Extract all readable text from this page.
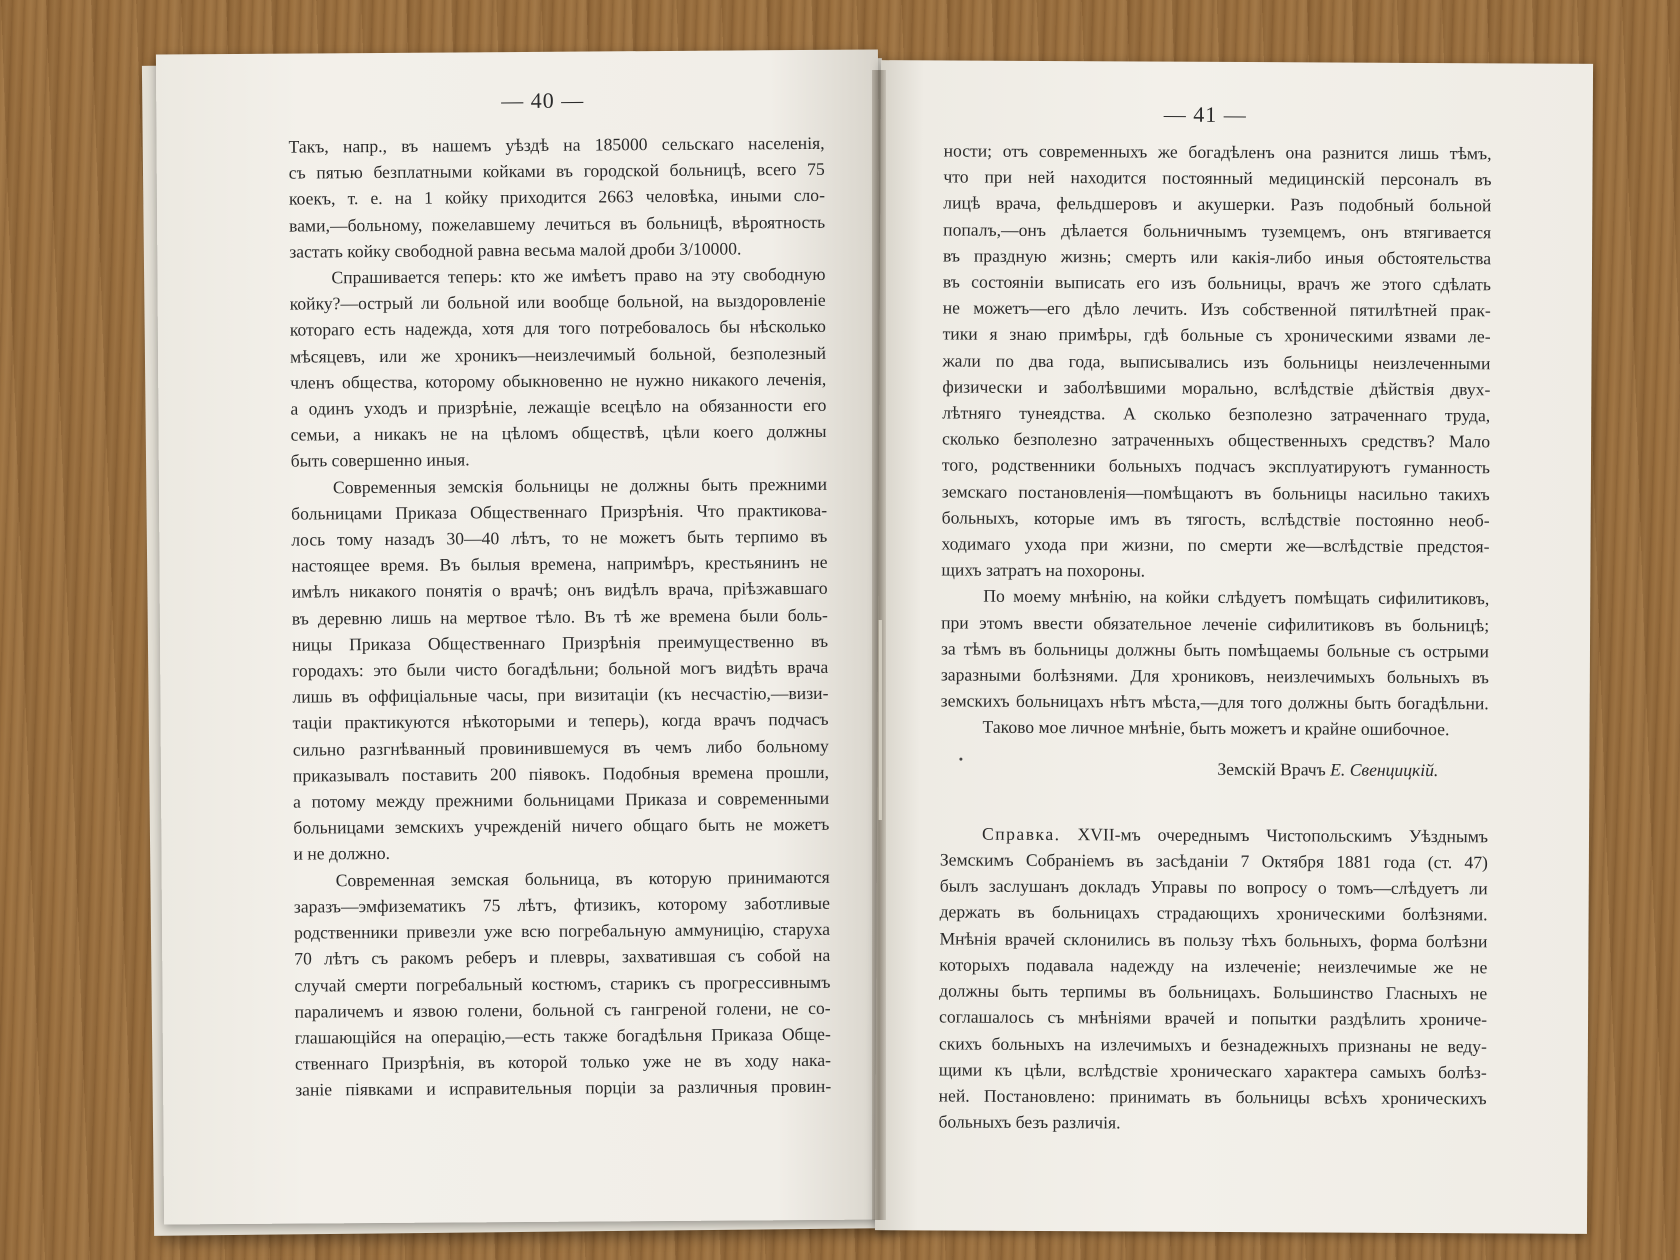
— 40 —
Такъ, напр., въ нашемъ уѣздѣ на 185000 сельскаго населенія,
съ пятью безплатными койками въ городской больницѣ, всего 75
коекъ, т. е. на 1 койку приходится 2663 человѣка, иными сло-
вами,—больному, пожелавшему лечиться въ больницѣ, вѣроятность
застать койку свободной равна весьма малой дроби 3/10000.
Спрашивается теперь: кто же имѣетъ право на эту свободную
койку?—острый ли больной или вообще больной, на выздоровленіе
котораго есть надежда, хотя для того потребовалось бы нѣсколько
мѣсяцевъ, или же хроникъ—неизлечимый больной, безполезный
членъ общества, которому обыкновенно не нужно никакого леченія,
а одинъ уходъ и призрѣніе, лежащіе всецѣло на обязанности его
семьи, а никакъ не на цѣломъ обществѣ, цѣли коего должны
быть совершенно иныя.
Современныя земскія больницы не должны быть прежними
больницами Приказа Общественнаго Призрѣнія. Что практикова-
лось тому назадъ 30—40 лѣтъ, то не можетъ быть терпимо въ
настоящее время. Въ былыя времена, напримѣръ, крестьянинъ не
имѣлъ никакого понятія о врачѣ; онъ видѣлъ врача, пріѣзжавшаго
въ деревню лишь на мертвое тѣло. Въ тѣ же времена были боль-
ницы Приказа Общественнаго Призрѣнія преимущественно въ
городахъ: это были чисто богадѣльни; больной могъ видѣть врача
лишь въ оффиціальные часы, при визитаціи (къ несчастію,—визи-
таціи практикуются нѣкоторыми и теперь), когда врачъ подчасъ
сильно разгнѣванный провинившемуся въ чемъ либо больному
приказывалъ поставить 200 піявокъ. Подобныя времена прошли,
а потому между прежними больницами Приказа и современными
больницами земскихъ учрежденій ничего общаго быть не можетъ
и не должно.
Современная земская больница, въ которую принимаются
заразъ—эмфизематикъ 75 лѣтъ, фтизикъ, которому заботливые
родственники привезли уже всю погребальную аммуницію, старуха
70 лѣтъ съ ракомъ реберъ и плевры, захватившая съ собой на
случай смерти погребальный костюмъ, старикъ съ прогрессивнымъ
параличемъ и язвою голени, больной съ гангреной голени, не со-
глашающійся на операцію,—есть также богадѣльня Приказа Обще-
ственнаго Призрѣнія, въ которой только уже не въ ходу нака-
заніе піявками и исправительныя порціи за различныя провин-
— 41 —
ности; отъ современныхъ же богадѣленъ она разнится лишь тѣмъ,
что при ней находится постоянный медицинскій персоналъ въ
лицѣ врача, фельдшеровъ и акушерки. Разъ подобный больной
попалъ,—онъ дѣлается больничнымъ туземцемъ, онъ втягивается
въ праздную жизнь; смерть или какія-либо иныя обстоятельства
въ состояніи выписать его изъ больницы, врачъ же этого сдѣлать
не можетъ—его дѣло лечить. Изъ собственной пятилѣтней прак-
тики я знаю примѣры, гдѣ больные съ хроническими язвами ле-
жали по два года, выписывались изъ больницы неизлеченными
физически и заболѣвшими морально, вслѣдствіе дѣйствія двух-
лѣтняго тунеядства. А сколько безполезно затраченнаго труда,
сколько безполезно затраченныхъ общественныхъ средствъ? Мало
того, родственники больныхъ подчасъ эксплуатируютъ гуманность
земскаго постановленія—помѣщаютъ въ больницы насильно такихъ
больныхъ, которые имъ въ тягость, вслѣдствіе постоянно необ-
ходимаго ухода при жизни, по смерти же—вслѣдствіе предстоя-
щихъ затратъ на похороны.
По моему мнѣнію, на койки слѣдуетъ помѣщать сифилитиковъ,
при этомъ ввести обязательное леченіе сифилитиковъ въ больницѣ;
за тѣмъ въ больницы должны быть помѣщаемы больные съ острыми
заразными болѣзнями. Для хрониковъ, неизлечимыхъ больныхъ въ
земскихъ больницахъ нѣтъ мѣста,—для того должны быть богадѣльни.
Таково мое личное мнѣніе, быть можетъ и крайне ошибочное.
Земскій Врачъ Е. Свенцицкій.
Справка. XVII-мъ очереднымъ Чистопольскимъ Уѣзднымъ
Земскимъ Собраніемъ въ засѣданіи 7 Октября 1881 года (ст. 47)
былъ заслушанъ докладъ Управы по вопросу о томъ—слѣдуетъ ли
держать въ больницахъ страдающихъ хроническими болѣзнями.
Мнѣнія врачей склонились въ пользу тѣхъ больныхъ, форма болѣзни
которыхъ подавала надежду на излеченіе; неизлечимые же не
должны быть терпимы въ больницахъ. Большинство Гласныхъ не
соглашалось съ мнѣніями врачей и попытки раздѣлить хрониче-
скихъ больныхъ на излечимыхъ и безнадежныхъ признаны не веду-
щими къ цѣли, вслѣдствіе хроническаго характера самыхъ болѣз-
ней. Постановлено: принимать въ больницы всѣхъ хроническихъ
больныхъ безъ различія.
